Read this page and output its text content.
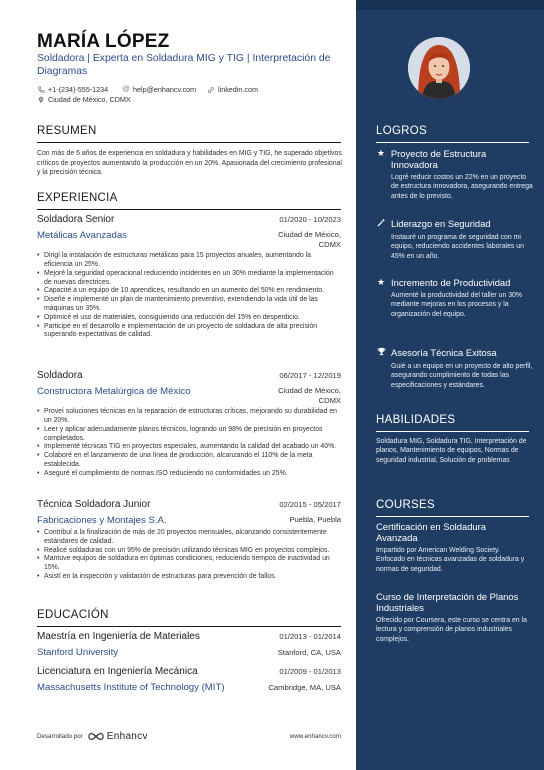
MARÍA LÓPEZ
Soldadora | Experta en Soldadura MIG y TIG | Interpretación de Diagramas
+1-(234)-555-1234 @ help@enhancv.com	linkedin.com
Ciudad de México, CDMX
RESUMEN
Con más de 5 años de experiencia en soldadura y habilidades en MIG y TIG, he superado objetivos críticos de proyectos aumentando la producción en un 20%. Apasionada del crecimiento profesional y la precisión técnica.
EXPERIENCIA
Soldadora Senior	01/2020 - 10/2023
Metálicas Avanzadas	Ciudad de México,
CDMX
• Dirigí la instalación de estructuras metálicas para 15 proyectos anuales, aumentando la eficiencia un 25%.
• Mejoré la seguridad operacional reduciendo incidentes en un 30% mediante la implementación de nuevas directrices.
• Capacité a un equipo de 10 aprendices, resultando en un aumento del 50% en rendimiento.
• Diseñé e implementé un plan de mantenimiento preventivo, extendiendo la vida útil de las máquinas un 35%.
• Optimicé el uso de materiales, consiguiendo una reducción del 15% en desperdicio.
• Participé en el desarrollo e implementación de un proyecto de soldadura de alta precisión superando expectativas de calidad.
Soldadora	06/2017 - 12/2019
Constructora Metalúrgica de México	Ciudad de México,
CDMX
• Proveí soluciones técnicas en la reparación de estructuras críticas, mejorando su durabilidad en un 20%.
• Leer y aplicar adecuadamente planos técnicos, logrando un 98% de precisión en proyectos completados.
• Implementé técnicas TIG en proyectos especiales, aumentando la calidad del acabado un 40%.
• Colaboré en el lanzamiento de una línea de producción, alcanzando el 110% de la meta establecida.
• Aseguré el cumplimiento de normas ISO reduciendo no conformidades un 25%.
Técnica Soldadora Junior	02/2015 - 05/2017
Fabricaciones y Montajes S.A.	Puebla, Puebla
• Contribuí a la finalización de más de 20 proyectos mensuales, alcanzando consistentemente estándares de calidad.
• Realicé soldaduras con un 95% de precisión utilizando técnicas MIG en proyectos complejos.
• Mantuve equipos de soldadura en óptimas condiciones, reduciendo tiempos de inactividad un 15%.
• Asistí en la inspección y validación de estructuras para prevención de fallos.
EDUCACIÓN
Maestría en Ingeniería de Materiales	01/2013 - 01/2014
Stanford University	Stanford, CA, USA
Licenciatura en Ingeniería Mecánica	01/2009 - 01/2013
Massachusetts Institute of Technology (MIT)	Cambridge, MA, USA
Desarrollado por Enhancv	www.enhancv.com
LOGROS
★ Proyecto de Estructura Innovadora
Logré reducir costos un 22% en un proyecto de estructura innovadora, asegurando entrega antes de lo previsto.
Liderazgo en Seguridad
Instauré un programa de seguridad con mi equipo, reduciendo accidentes laborales un 45% en un año.
★ Incremento de Productividad
Aumenté la productividad del taller un 30% mediante mejoras en los procesos y la organización del equipo.
Asesoría Técnica Exitosa
Guié a un equipo en un proyecto de alto perfil, asegurando cumplimiento de todas las especificaciones y estándares.
HABILIDADES
Soldadura MIG, Soldadura TIG, Interpretación de planos, Mantenimiento de equipos, Normas de seguridad industrial, Solución de problemas
COURSES
Certificación en Soldadura Avanzada
Impartido por American Welding Society. Enfocado en técnicas avanzadas de soldadura y normas de seguridad.
Curso de Interpretación de Planos Industriales
Ofrecido por Coursera, este curso se centra en la lectura y comprensión de planos industriales complejos.
